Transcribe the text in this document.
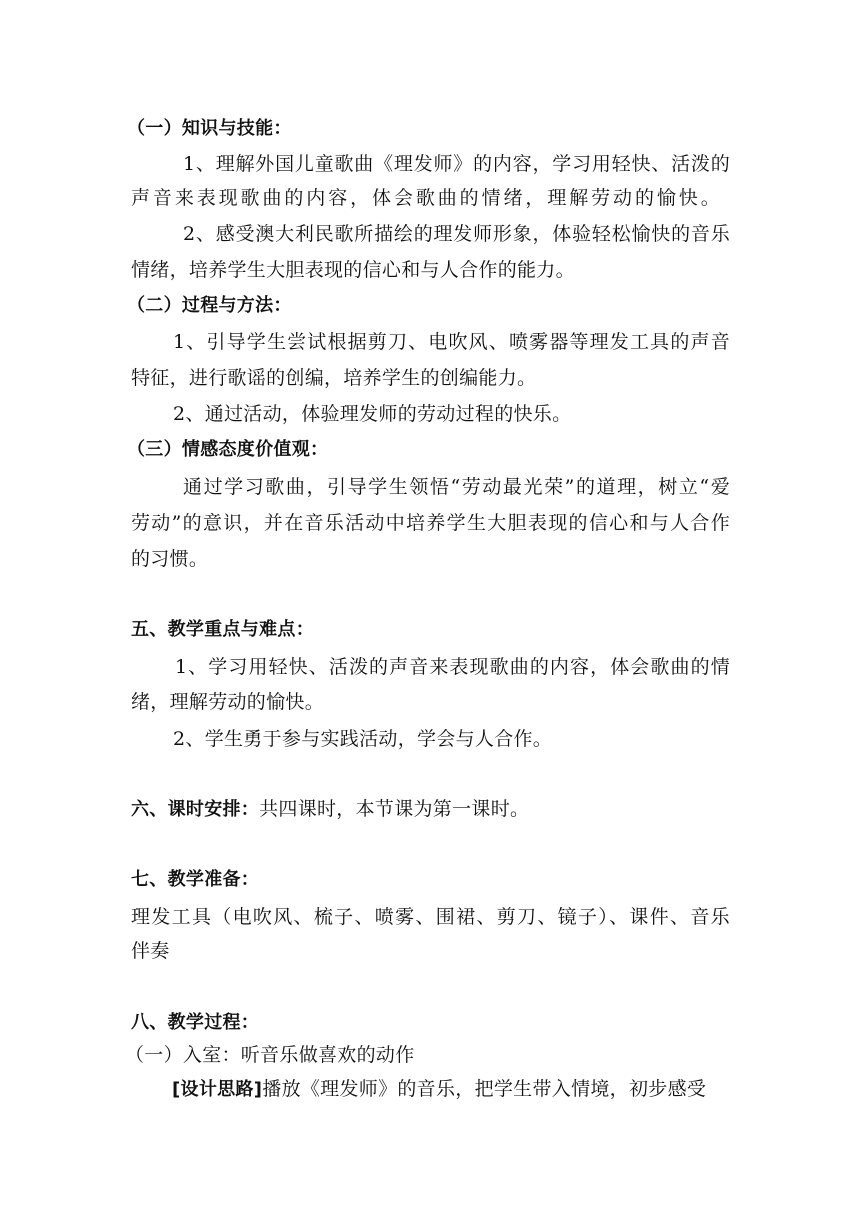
（一）知识与技能：
1、理解外国儿童歌曲《理发师》的内容，学习用轻快、活泼的
声音来表现歌曲的内容，体会歌曲的情绪，理解劳动的愉快。
2、感受澳大利民歌所描绘的理发师形象，体验轻松愉快的音乐
情绪，培养学生大胆表现的信心和与人合作的能力。
（二）过程与方法：
1、引导学生尝试根据剪刀、电吹风、喷雾器等理发工具的声音
特征，进行歌谣的创编，培养学生的创编能力。
2、通过活动，体验理发师的劳动过程的快乐。
（三）情感态度价值观：
通过学习歌曲，引导学生领悟“劳动最光荣”的道理，树立“爱
劳动”的意识，并在音乐活动中培养学生大胆表现的信心和与人合作
的习惯。
五、教学重点与难点：
1、学习用轻快、活泼的声音来表现歌曲的内容，体会歌曲的情
绪，理解劳动的愉快。
2、学生勇于参与实践活动，学会与人合作。
六、课时安排：共四课时，本节课为第一课时。
七、教学准备：
理发工具（电吹风、梳子、喷雾、围裙、剪刀、镜子）、课件、音乐
伴奏
八、教学过程：
（一）入室：听音乐做喜欢的动作
[设计思路]播放《理发师》的音乐，把学生带入情境，初步感受
